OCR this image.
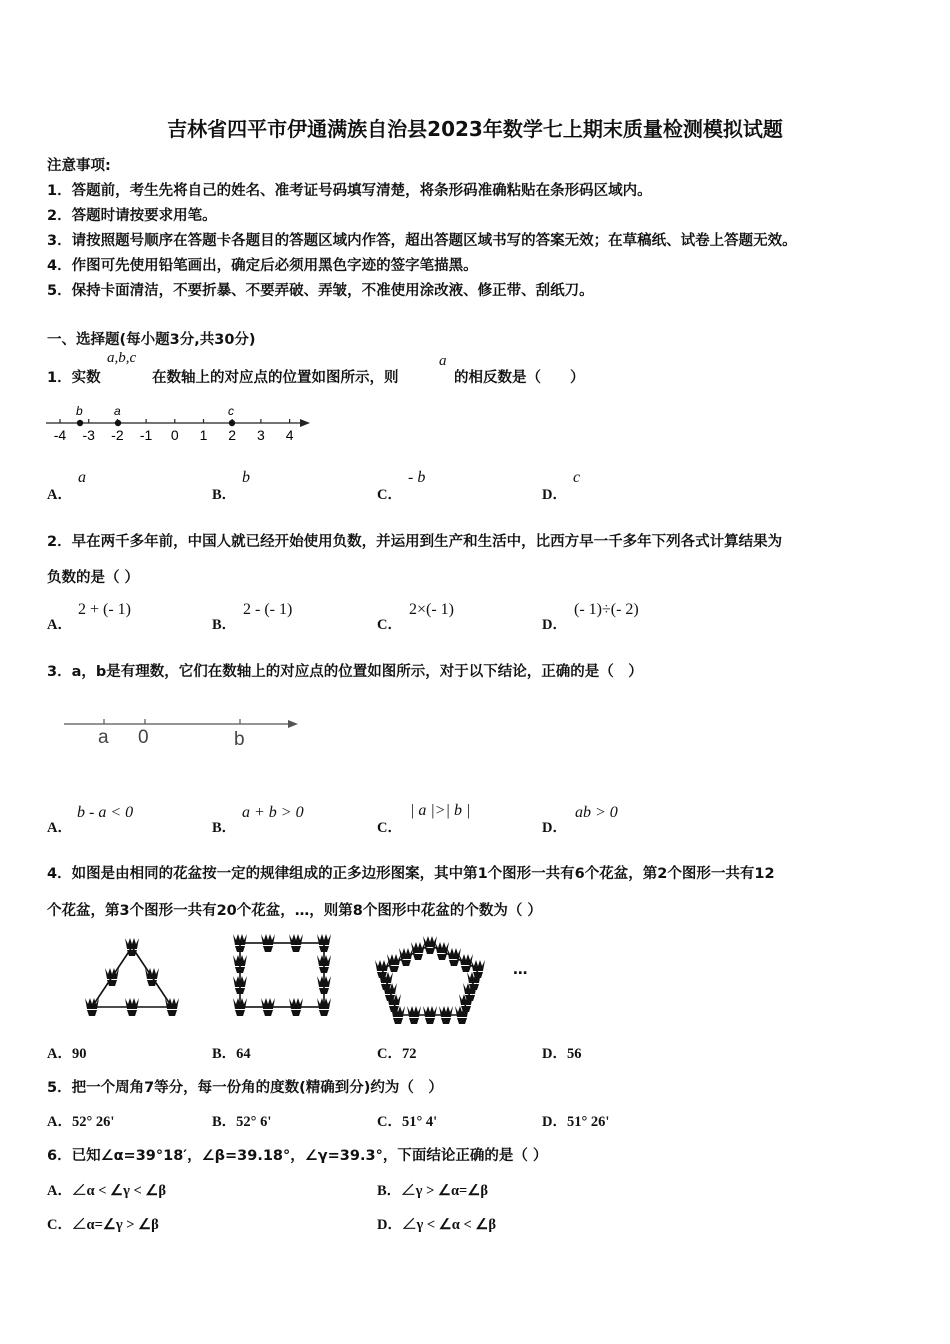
吉林省四平市伊通满族自治县2023年数学七上期末质量检测模拟试题
注意事项:
1．答题前，考生先将自己的姓名、准考证号码填写清楚，将条形码准确粘贴在条形码区域内。
2．答题时请按要求用笔。
3．请按照题号顺序在答题卡各题目的答题区域内作答，超出答题区域书写的答案无效；在草稿纸、试卷上答题无效。
4．作图可先使用铅笔画出，确定后必须用黑色字迹的签字笔描黑。
5．保持卡面清洁，不要折暴、不要弄破、弄皱，不准使用涂改液、修正带、刮纸刀。
一、选择题(每小题3分,共30分)
1．实数
a,b,c
在数轴上的对应点的位置如图所示，则
a
的相反数是（　　）
-4 -3 -2 -1 0 1 2 3 4
b	a	c
A．
a
B．
b
C．
- b
D．
c
2．早在两千多年前，中国人就已经开始使用负数，并运用到生产和生活中，比西方早一千多年下列各式计算结果为
负数的是（ ）
A．
2 + (- 1)
B．
2 - (- 1)
C．
2×(- 1)
D．
(- 1)÷(- 2)
3．a，b是有理数，它们在数轴上的对应点的位置如图所示，对于以下结论，正确的是（　）
a 0	b
A．
b - a < 0
B．
a + b > 0
C．
| a |>| b |
D．
ab > 0
4．如图是由相同的花盆按一定的规律组成的正多边形图案，其中第1个图形一共有6个花盆，第2个图形一共有12
个花盆，第3个图形一共有20个花盆，…，则第8个图形中花盆的个数为（ ）
…
A．90	B．64	C．72	D．56
5．把一个周角7等分，每一份角的度数(精确到分)约为（　）
A．52° 26'	B．52° 6'	C．51° 4'	D．51° 26'
6．已知∠α=39°18′，∠β=39.18°，∠γ=39.3°，下面结论正确的是（ ）
A．∠α < ∠γ < ∠β	B．∠γ > ∠α=∠β
C．∠α=∠γ > ∠β	D．∠γ < ∠α < ∠β
